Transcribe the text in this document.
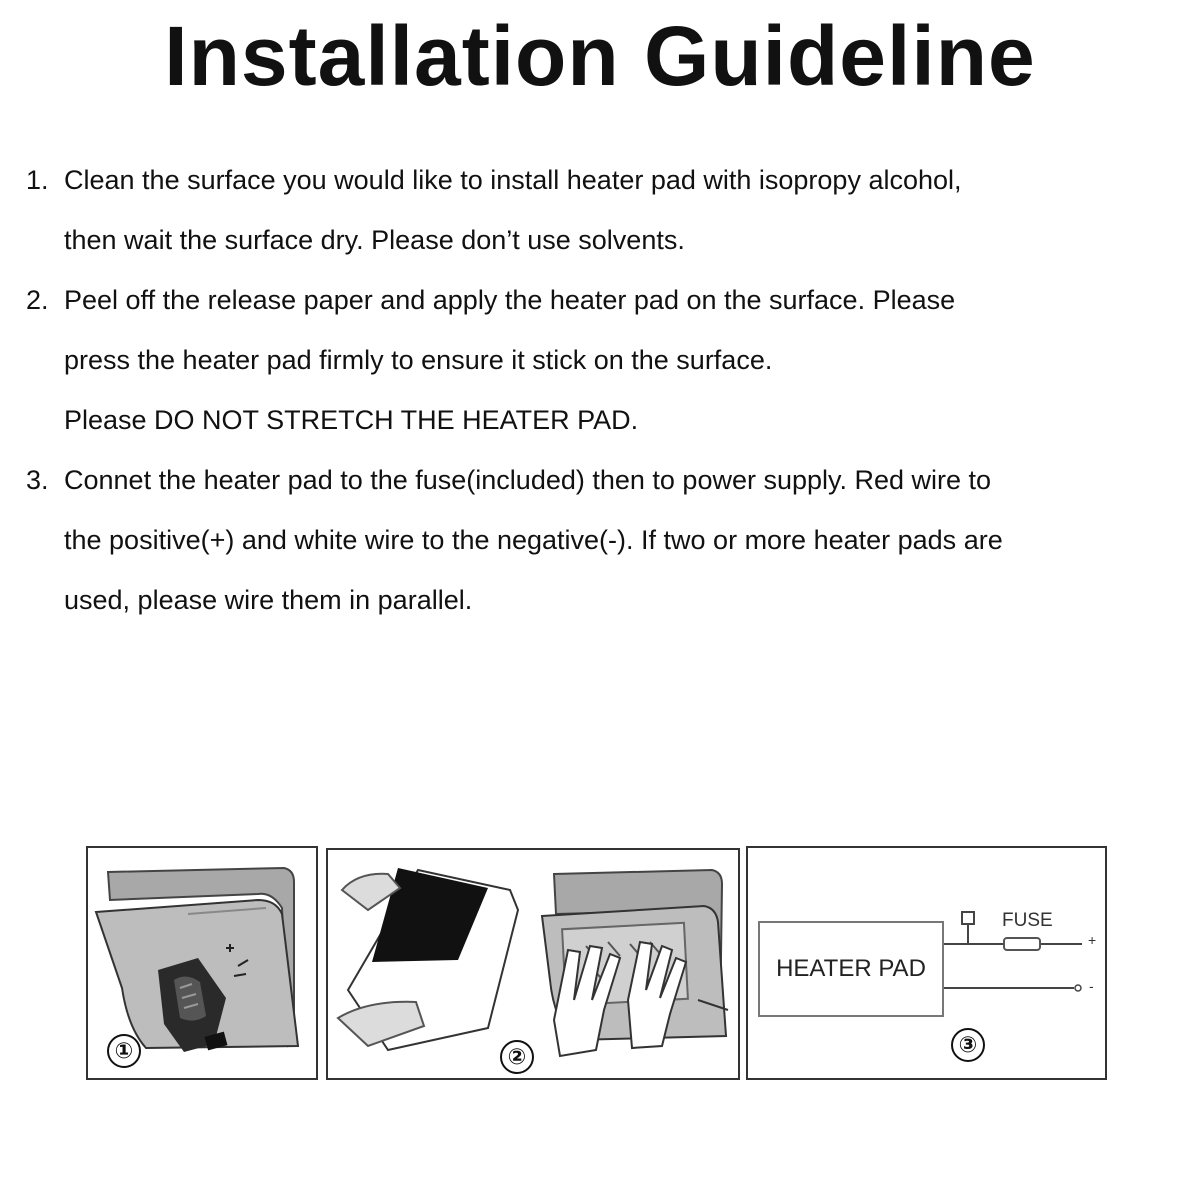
Installation Guideline
1. Clean the surface you would like to install heater pad with isopropy alcohol,
then wait the surface dry. Please don’t use solvents.
2. Peel off the release paper and apply the heater pad on the surface. Please
press the heater pad firmly to ensure it stick on the surface.
Please DO NOT STRETCH THE HEATER PAD.
3. Connet the heater pad to the fuse(included) then to power supply. Red wire to
the positive(+) and white wire to the negative(-). If two or more heater pads are
used, please wire them in parallel.
①	②
HEATER PAD
FUSE
+
-
③
